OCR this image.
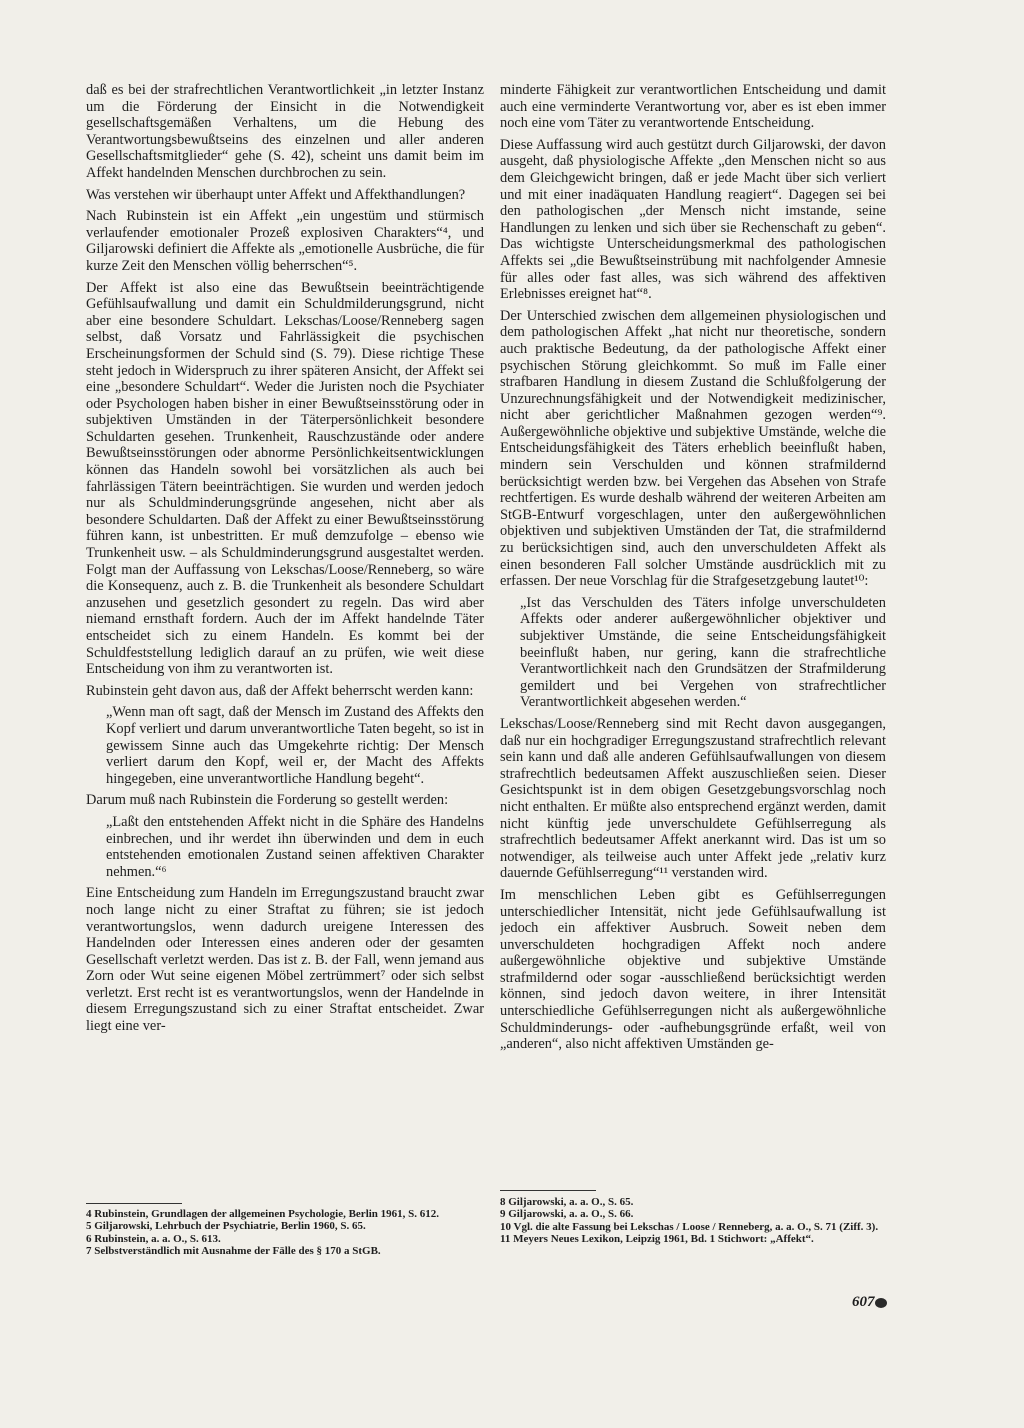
daß es bei der strafrechtlichen Verantwortlichkeit „in letzter Instanz um die Förderung der Einsicht in die Notwendigkeit gesellschaftsgemäßen Verhaltens, um die Hebung des Verantwortungsbewußtseins des einzelnen und aller anderen Gesellschaftsmitglieder“ gehe (S. 42), scheint uns damit beim im Affekt handelnden Menschen durchbrochen zu sein.

Was verstehen wir überhaupt unter Affekt und Affekthandlungen?

Nach Rubinstein ist ein Affekt „ein ungestüm und stürmisch verlaufender emotionaler Prozeß explosiven Charakters“⁴, und Giljarowski definiert die Affekte als „emotionelle Ausbrüche, die für kurze Zeit den Menschen völlig beherrschen“⁵.

Der Affekt ist also eine das Bewußtsein beeinträchtigende Gefühlsaufwallung und damit ein Schuldmilderungsgrund, nicht aber eine besondere Schuldart. Lekschas/Loose/Renneberg sagen selbst, daß Vorsatz und Fahrlässigkeit die psychischen Erscheinungsformen der Schuld sind (S. 79). Diese richtige These steht jedoch in Widerspruch zu ihrer späteren Ansicht, der Affekt sei eine „besondere Schuldart“. Weder die Juristen noch die Psychiater oder Psychologen haben bisher in einer Bewußtseinsstörung oder in subjektiven Umständen in der Täterpersönlichkeit besondere Schuldarten gesehen. Trunkenheit, Rauschzustände oder andere Bewußtseinsstörungen oder abnorme Persönlichkeitsentwicklungen können das Handeln sowohl bei vorsätzlichen als auch bei fahrlässigen Tätern beeinträchtigen. Sie wurden und werden jedoch nur als Schuldminderungsgründe angesehen, nicht aber als besondere Schuldarten. Daß der Affekt zu einer Bewußtseinsstörung führen kann, ist unbestritten. Er muß demzufolge – ebenso wie Trunkenheit usw. – als Schuldminderungsgrund ausgestaltet werden. Folgt man der Auffassung von Lekschas/Loose/Renneberg, so wäre die Konsequenz, auch z. B. die Trunkenheit als besondere Schuldart anzusehen und gesetzlich gesondert zu regeln. Das wird aber niemand ernsthaft fordern. Auch der im Affekt handelnde Täter entscheidet sich zu einem Handeln. Es kommt bei der Schuldfeststellung lediglich darauf an zu prüfen, wie weit diese Entscheidung von ihm zu verantworten ist.

Rubinstein geht davon aus, daß der Affekt beherrscht werden kann:

„Wenn man oft sagt, daß der Mensch im Zustand des Affekts den Kopf verliert und darum unverantwortliche Taten begeht, so ist in gewissem Sinne auch das Umgekehrte richtig: Der Mensch verliert darum den Kopf, weil er, der Macht des Affekts hingegeben, eine unverantwortliche Handlung begeht“.

Darum muß nach Rubinstein die Forderung so gestellt werden:

„Laßt den entstehenden Affekt nicht in die Sphäre des Handelns einbrechen, und ihr werdet ihn überwinden und dem in euch entstehenden emotionalen Zustand seinen affektiven Charakter nehmen.“⁶

Eine Entscheidung zum Handeln im Erregungszustand braucht zwar noch lange nicht zu einer Straftat zu führen; sie ist jedoch verantwortungslos, wenn dadurch ureigene Interessen des Handelnden oder Interessen eines anderen oder der gesamten Gesellschaft verletzt werden. Das ist z. B. der Fall, wenn jemand aus Zorn oder Wut seine eigenen Möbel zertrümmert⁷ oder sich selbst verletzt. Erst recht ist es verantwortungslos, wenn der Handelnde in diesem Erregungszustand sich zu einer Straftat entscheidet. Zwar liegt eine ver-

minderte Fähigkeit zur verantwortlichen Entscheidung und damit auch eine verminderte Verantwortung vor, aber es ist eben immer noch eine vom Täter zu verantwortende Entscheidung.

Diese Auffassung wird auch gestützt durch Giljarowski, der davon ausgeht, daß physiologische Affekte „den Menschen nicht so aus dem Gleichgewicht bringen, daß er jede Macht über sich verliert und mit einer inadäquaten Handlung reagiert“. Dagegen sei bei den pathologischen „der Mensch nicht imstande, seine Handlungen zu lenken und sich über sie Rechenschaft zu geben“. Das wichtigste Unterscheidungsmerkmal des pathologischen Affekts sei „die Bewußtseinstrübung mit nachfolgender Amnesie für alles oder fast alles, was sich während des affektiven Erlebnisses ereignet hat“⁸.

Der Unterschied zwischen dem allgemeinen physiologischen und dem pathologischen Affekt „hat nicht nur theoretische, sondern auch praktische Bedeutung, da der pathologische Affekt einer psychischen Störung gleichkommt. So muß im Falle einer strafbaren Handlung in diesem Zustand die Schlußfolgerung der Unzurechnungsfähigkeit und der Notwendigkeit medizinischer, nicht aber gerichtlicher Maßnahmen gezogen werden“⁹. Außergewöhnliche objektive und subjektive Umstände, welche die Entscheidungsfähigkeit des Täters erheblich beeinflußt haben, mindern sein Verschulden und können strafmildernd berücksichtigt werden bzw. bei Vergehen das Absehen von Strafe rechtfertigen. Es wurde deshalb während der weiteren Arbeiten am StGB-Entwurf vorgeschlagen, unter den außergewöhnlichen objektiven und subjektiven Umständen der Tat, die strafmildernd zu berücksichtigen sind, auch den unverschuldeten Affekt als einen besonderen Fall solcher Umstände ausdrücklich mit zu erfassen. Der neue Vorschlag für die Strafgesetzgebung lautet¹⁰:

„Ist das Verschulden des Täters infolge unverschuldeten Affekts oder anderer außergewöhnlicher objektiver und subjektiver Umstände, die seine Entscheidungsfähigkeit beeinflußt haben, nur gering, kann die strafrechtliche Verantwortlichkeit nach den Grundsätzen der Strafmilderung gemildert und bei Vergehen von strafrechtlicher Verantwortlichkeit abgesehen werden.“

Lekschas/Loose/Renneberg sind mit Recht davon ausgegangen, daß nur ein hochgradiger Erregungszustand strafrechtlich relevant sein kann und daß alle anderen Gefühlsaufwallungen von diesem strafrechtlich bedeutsamen Affekt auszuschließen seien. Dieser Gesichtspunkt ist in dem obigen Gesetzgebungsvorschlag noch nicht enthalten. Er müßte also entsprechend ergänzt werden, damit nicht künftig jede unverschuldete Gefühlserregung als strafrechtlich bedeutsamer Affekt anerkannt wird. Das ist um so notwendiger, als teilweise auch unter Affekt jede „relativ kurz dauernde Gefühlserregung“¹¹ verstanden wird.

Im menschlichen Leben gibt es Gefühlserregungen unterschiedlicher Intensität, nicht jede Gefühlsaufwallung ist jedoch ein affektiver Ausbruch. Soweit neben dem unverschuldeten hochgradigen Affekt noch andere außergewöhnliche objektive und subjektive Umstände strafmildernd oder sogar -ausschließend berücksichtigt werden können, sind jedoch davon weitere, in ihrer Intensität unterschiedliche Gefühlserregungen nicht als außergewöhnliche Schuldminderungs- oder -aufhebungsgründe erfaßt, weil von „anderen“, also nicht affektiven Umständen ge-

4 Rubinstein, Grundlagen der allgemeinen Psychologie, Berlin 1961, S. 612.

5 Giljarowski, Lehrbuch der Psychiatrie, Berlin 1960, S. 65.

6 Rubinstein, a. a. O., S. 613.

7 Selbstverständlich mit Ausnahme der Fälle des § 170 a StGB.

8 Giljarowski, a. a. O., S. 65.

9 Giljarowski, a. a. O., S. 66.

10 Vgl. die alte Fassung bei Lekschas / Loose / Renneberg, a. a. O., S. 71 (Ziff. 3).

11 Meyers Neues Lexikon, Leipzig 1961, Bd. 1 Stichwort: „Affekt“.

607
